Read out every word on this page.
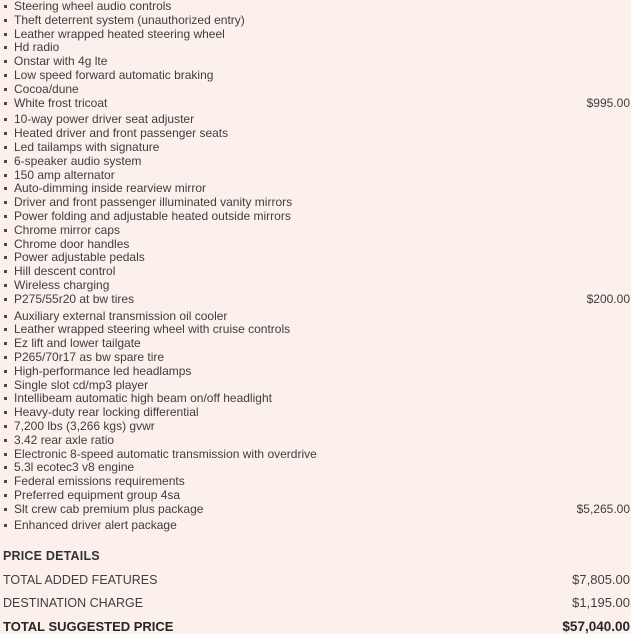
Steering wheel audio controls
Theft deterrent system (unauthorized entry)
Leather wrapped heated steering wheel
Hd radio
Onstar with 4g lte
Low speed forward automatic braking
Cocoa/dune
White frost tricoat	$995.00
10-way power driver seat adjuster
Heated driver and front passenger seats
Led tailamps with signature
6-speaker audio system
150 amp alternator
Auto-dimming inside rearview mirror
Driver and front passenger illuminated vanity mirrors
Power folding and adjustable heated outside mirrors
Chrome mirror caps
Chrome door handles
Power adjustable pedals
Hill descent control
Wireless charging
P275/55r20 at bw tires	$200.00
Auxiliary external transmission oil cooler
Leather wrapped steering wheel with cruise controls
Ez lift and lower tailgate
P265/70r17 as bw spare tire
High-performance led headlamps
Single slot cd/mp3 player
Intellibeam automatic high beam on/off headlight
Heavy-duty rear locking differential
7,200 lbs (3,266 kgs) gvwr
3.42 rear axle ratio
Electronic 8-speed automatic transmission with overdrive
5.3l ecotec3 v8 engine
Federal emissions requirements
Preferred equipment group 4sa
Slt crew cab premium plus package	$5,265.00
Enhanced driver alert package
PRICE DETAILS
TOTAL ADDED FEATURES	$7,805.00
DESTINATION CHARGE	$1,195.00
TOTAL SUGGESTED PRICE	$57,040.00
